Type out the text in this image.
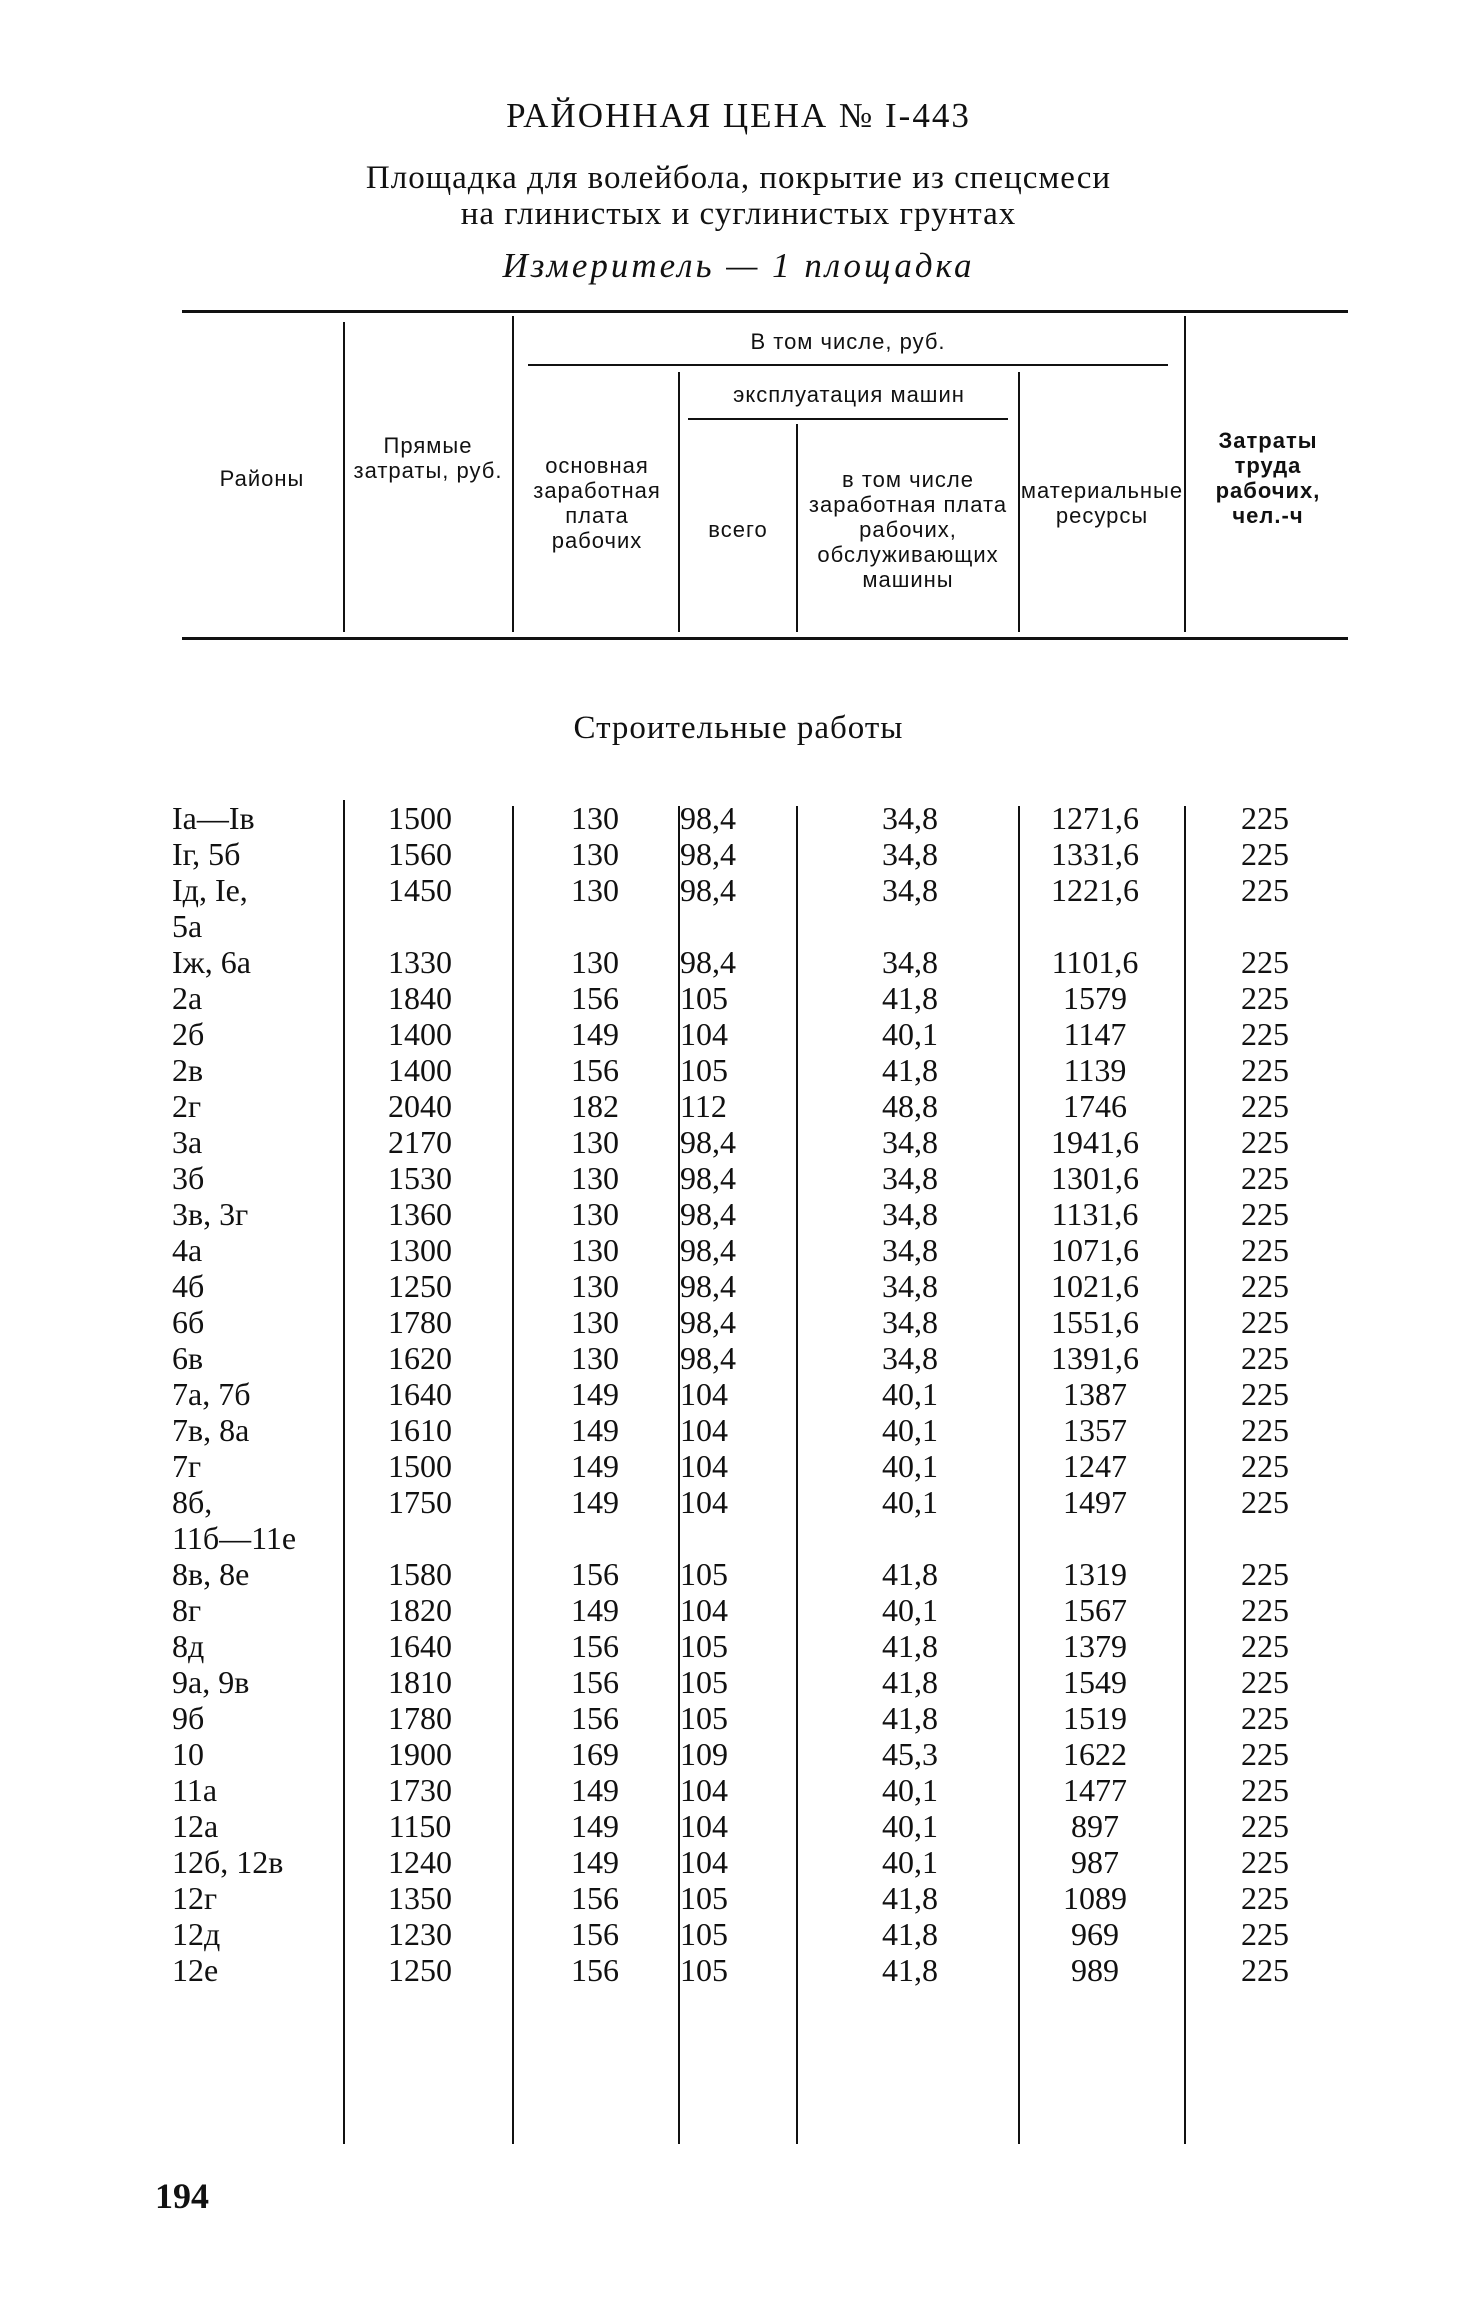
РАЙОННАЯ ЦЕНА № I-443
Площадка для волейбола, покрытие из спецсмеси
на глинистых и суглинистых грунтах
Измеритель — 1 площадка
Районы
Прямые затраты, руб.
В том числе, руб.
основная заработная плата рабочих
эксплуатация машин
всего
в том числе заработная плата рабочих, обслуживающих машины
материальные ресурсы
Затраты труда рабочих, чел.-ч
Строительные работы
Iа—Iв
Iг, 5б
Iд, Iе,
5а
Iж, 6а
2а
2б
2в
2г
3а
3б
3в, 3г
4а
4б
6б
6в
7а, 7б
7в, 8а
7г
8б,
11б—11е
8в, 8е
8г
8д
9а, 9в
9б
10
11а
12а
12б, 12в
12г
12д
12е
1500
1560
1450
1330
1840
1400
1400
2040
2170
1530
1360
1300
1250
1780
1620
1640
1610
1500
1750
1580
1820
1640
1810
1780
1900
1730
1150
1240
1350
1230
1250
130
130
130
130
156
149
156
182
130
130
130
130
130
130
130
149
149
149
149
156
149
156
156
156
169
149
149
149
156
156
156
98,4
98,4
98,4
98,4
105
104
105
112
98,4
98,4
98,4
98,4
98,4
98,4
98,4
104
104
104
104
105
104
105
105
105
109
104
104
104
105
105
105
34,8
34,8
34,8
34,8
41,8
40,1
41,8
48,8
34,8
34,8
34,8
34,8
34,8
34,8
34,8
40,1
40,1
40,1
40,1
41,8
40,1
41,8
41,8
41,8
45,3
40,1
40,1
40,1
41,8
41,8
41,8
1271,6
1331,6
1221,6
1101,6
1579
1147
1139
1746
1941,6
1301,6
1131,6
1071,6
1021,6
1551,6
1391,6
1387
1357
1247
1497
1319
1567
1379
1549
1519
1622
1477
897
987
1089
969
989
225
225
225
225
225
225
225
225
225
225
225
225
225
225
225
225
225
225
225
225
225
225
225
225
225
225
225
225
225
225
225
194
